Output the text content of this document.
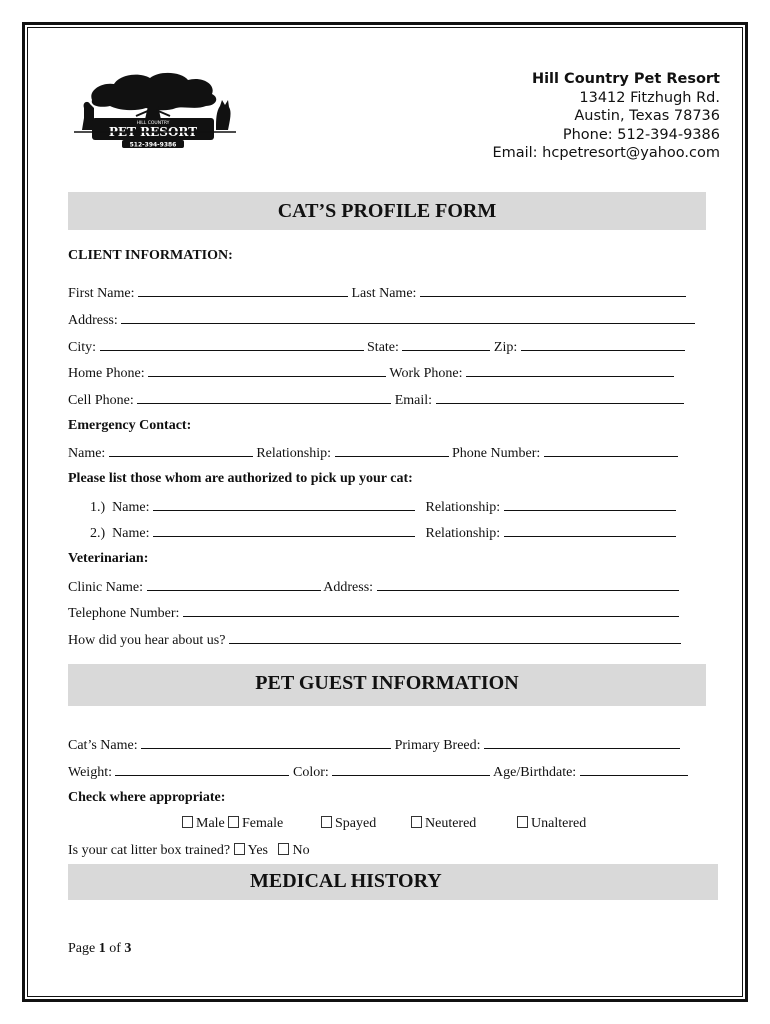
HILL COUNTRY
PET RESORT
512-394-9386
Hill Country Pet Resort
13412 Fitzhugh Rd.
Austin, Texas 78736
Phone: 512-394-9386
Email: hcpetresort@yahoo.com
CAT’S PROFILE FORM
CLIENT INFORMATION:
First Name:	Last Name:
Address:
City:	State:	Zip:
Home Phone:	Work Phone:
Cell Phone:	Email:
Emergency Contact:
Name:	Relationship:	Phone Number:
Please list those whom are authorized to pick up your cat:
1.) Name:	Relationship:
2.) Name:	Relationship:
Veterinarian:
Clinic Name:	Address:
Telephone Number:
How did you hear about us?
PET GUEST INFORMATION
Cat’s Name:	Primary Breed:
Weight:	Color:	Age/Birthdate:
Check where appropriate:
Male	Female	Spayed	Neutered	Unaltered
Is your cat litter box trained? Yes No
MEDICAL HISTORY
Page 1 of 3
